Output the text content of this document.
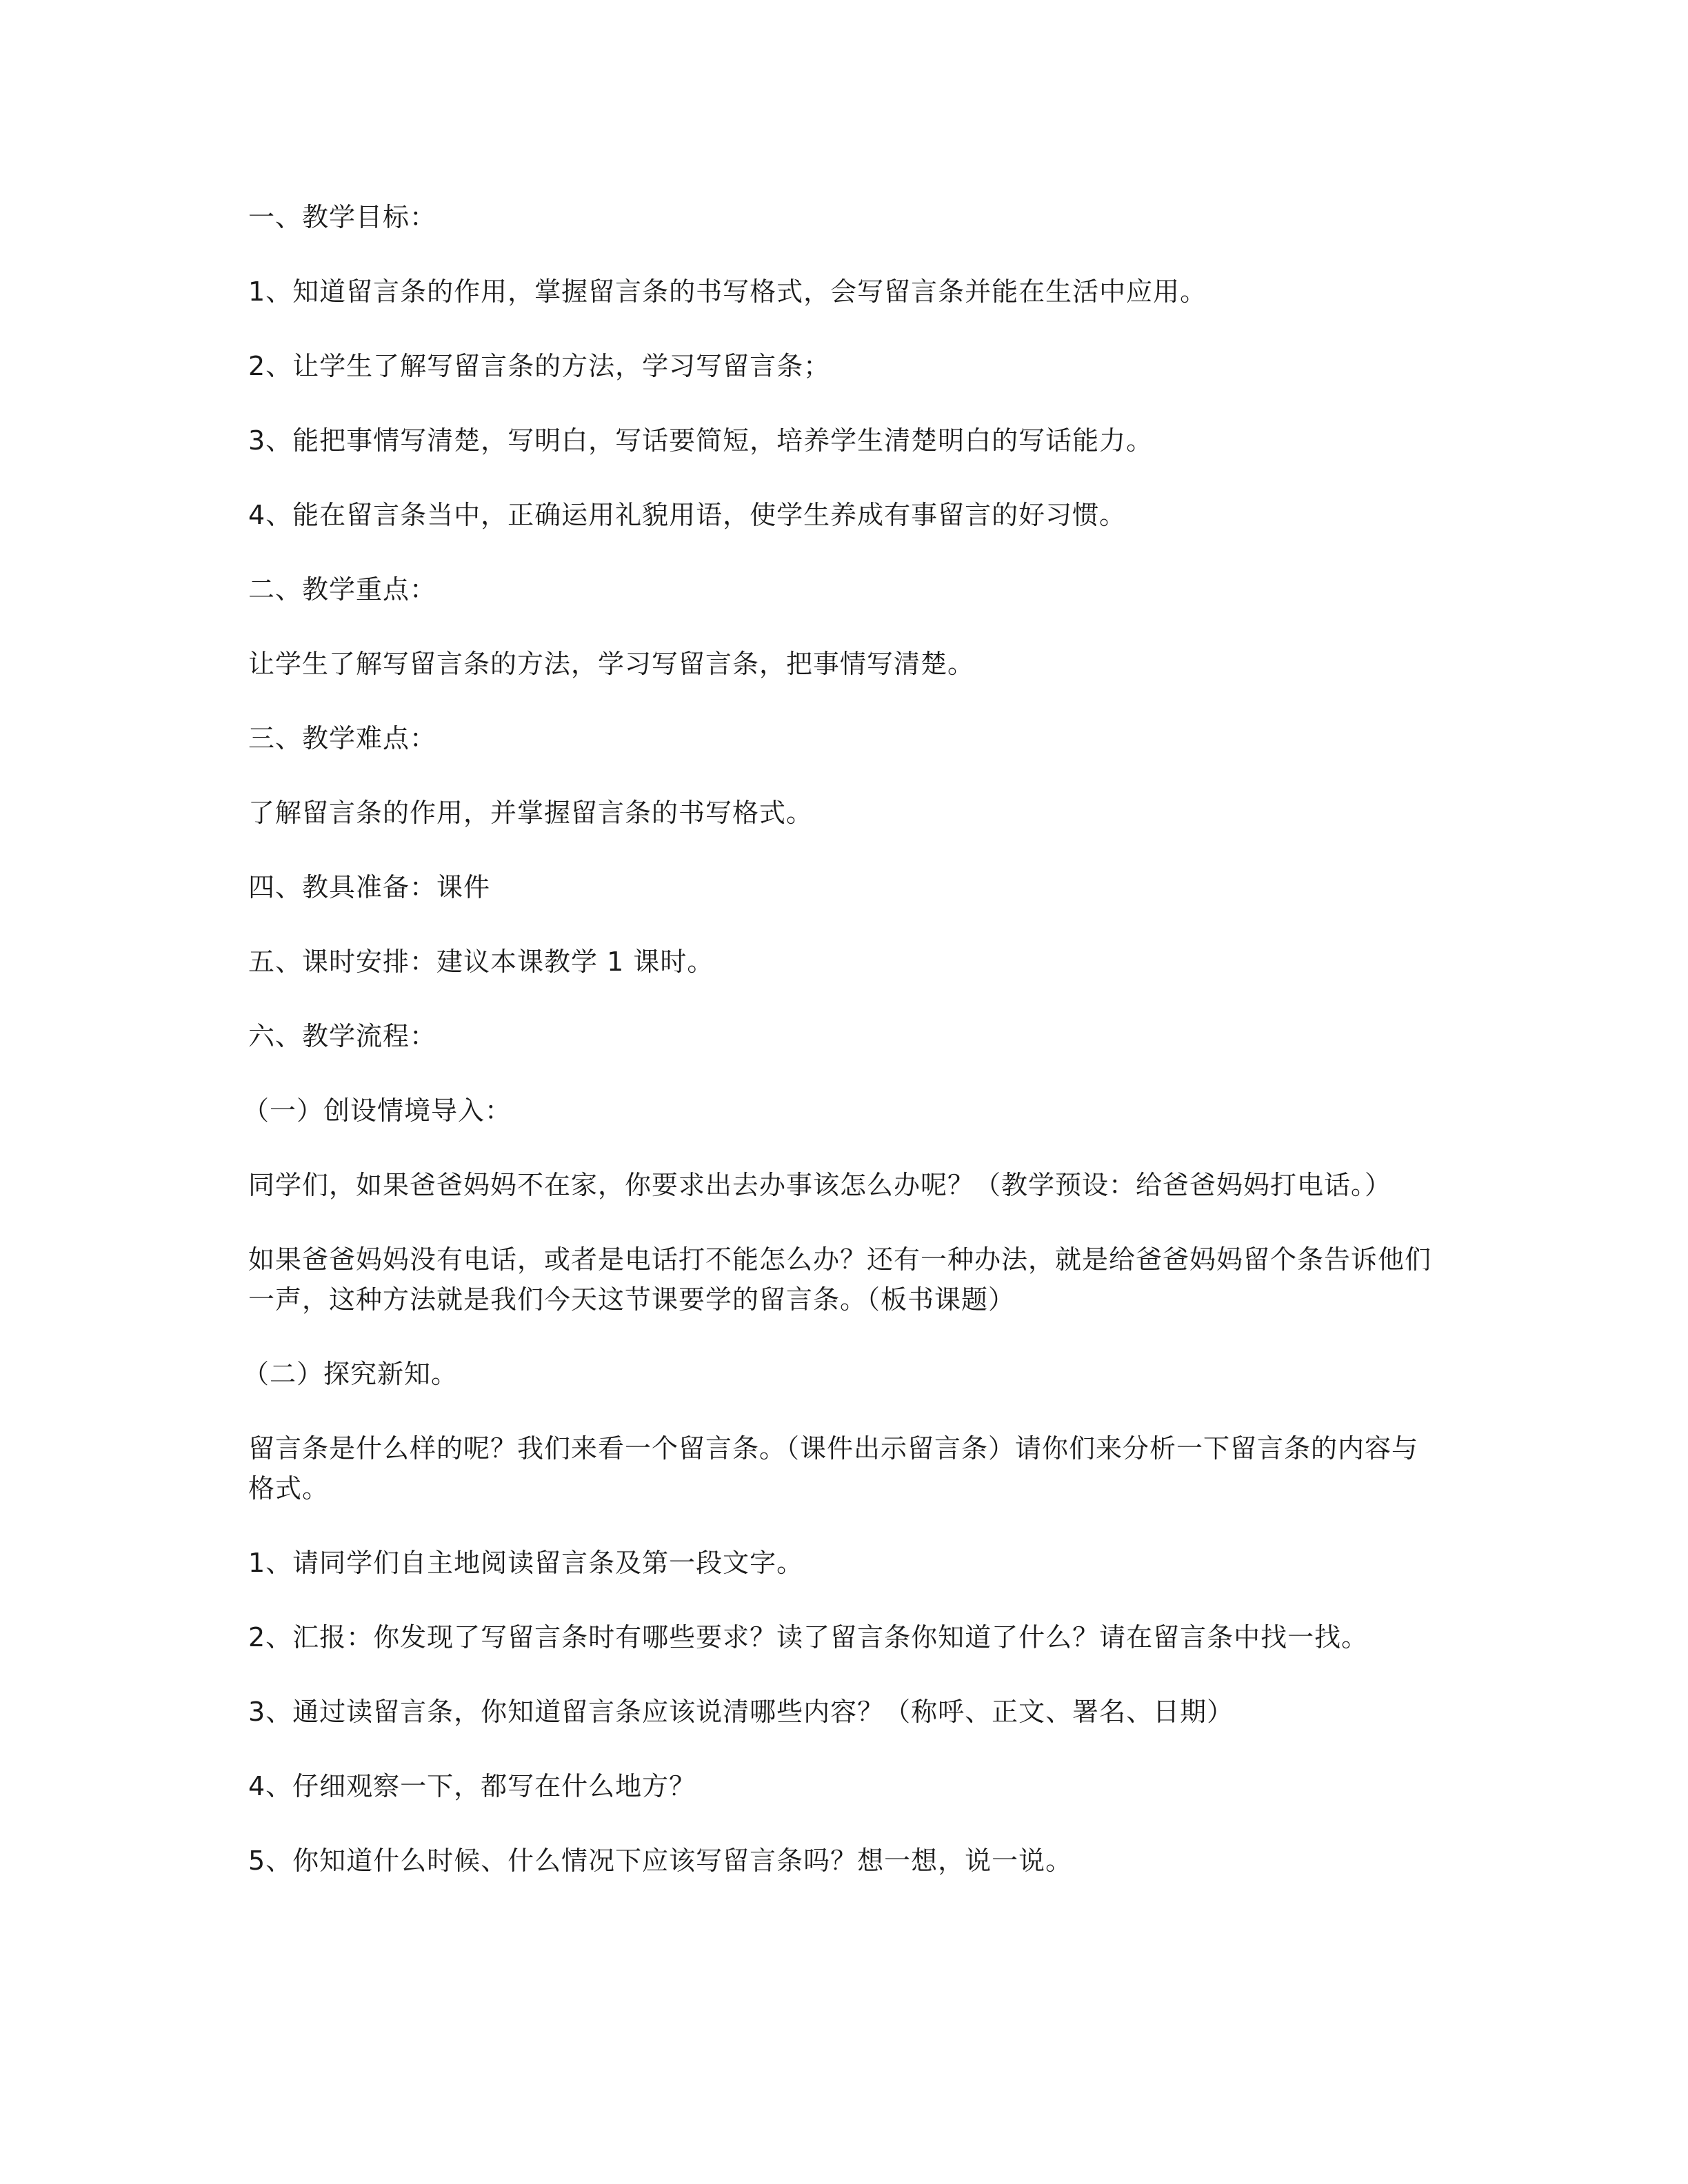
一、教学目标：

1、知道留言条的作用，掌握留言条的书写格式，会写留言条并能在生活中应用。

2、让学生了解写留言条的方法，学习写留言条；

3、能把事情写清楚，写明白，写话要简短，培养学生清楚明白的写话能力。

4、能在留言条当中，正确运用礼貌用语，使学生养成有事留言的好习惯。

二、教学重点：

让学生了解写留言条的方法，学习写留言条，把事情写清楚。

三、教学难点：

了解留言条的作用，并掌握留言条的书写格式。

四、教具准备：课件

五、课时安排：建议本课教学 1 课时。

六、教学流程：

（一）创设情境导入：

同学们，如果爸爸妈妈不在家，你要求出去办事该怎么办呢？（教学预设：给爸爸妈妈打电话。）

如果爸爸妈妈没有电话，或者是电话打不能怎么办？还有一种办法，就是给爸爸妈妈留个条告诉他们一声，这种方法就是我们今天这节课要学的留言条。（板书课题）

（二）探究新知。

留言条是什么样的呢？我们来看一个留言条。（课件出示留言条）请你们来分析一下留言条的内容与格式。

1、请同学们自主地阅读留言条及第一段文字。

2、汇报：你发现了写留言条时有哪些要求？读了留言条你知道了什么？请在留言条中找一找。

3、通过读留言条，你知道留言条应该说清哪些内容？（称呼、正文、署名、日期）

4、仔细观察一下，都写在什么地方？

5、你知道什么时候、什么情况下应该写留言条吗？想一想，说一说。
